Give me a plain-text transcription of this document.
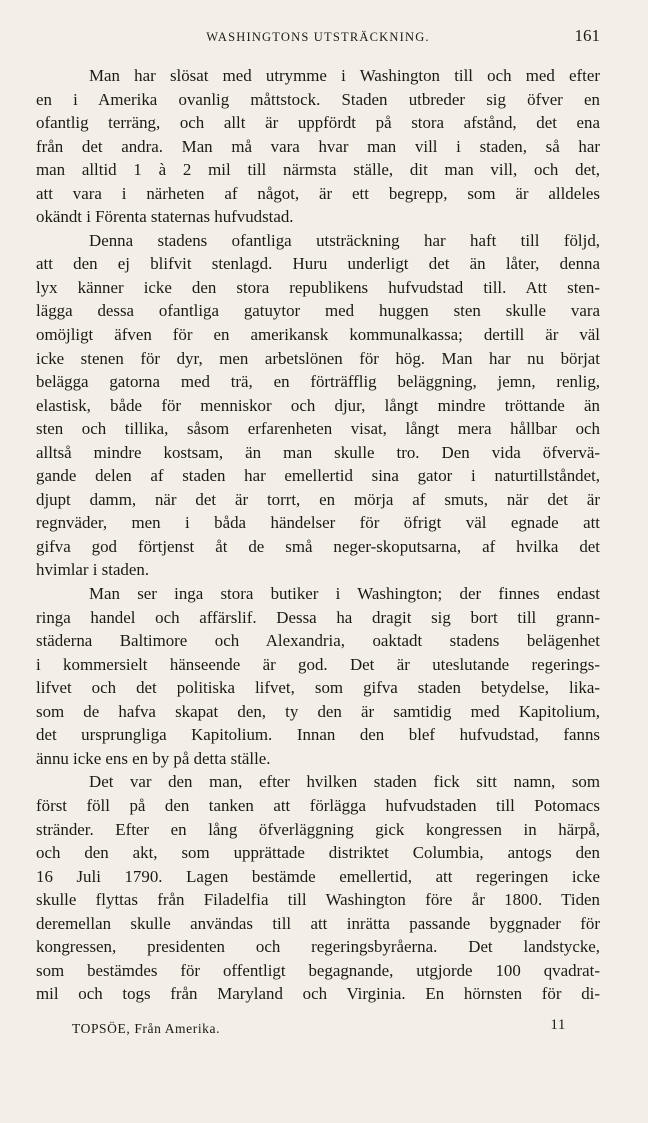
WASHINGTONS UTSTRÄCKNING.	161
Man har slösat med utrymme i Washington till och med efter
en i Amerika ovanlig måttstock. Staden utbreder sig öfver en
ofantlig terräng, och allt är uppfördt på stora afstånd, det ena
från det andra. Man må vara hvar man vill i staden, så har
man alltid 1 à 2 mil till närmsta ställe, dit man vill, och det,
att vara i närheten af något, är ett begrepp, som är alldeles
okändt i Förenta staternas hufvudstad.
Denna stadens ofantliga utsträckning har haft till följd,
att den ej blifvit stenlagd. Huru underligt det än låter, denna
lyx känner icke den stora republikens hufvudstad till. Att sten-
lägga dessa ofantliga gatuytor med huggen sten skulle vara
omöjligt äfven för en amerikansk kommunalkassa; dertill är väl
icke stenen för dyr, men arbetslönen för hög. Man har nu börjat
belägga gatorna med trä, en förträfflig beläggning, jemn, renlig,
elastisk, både för menniskor och djur, långt mindre tröttande än
sten och tillika, såsom erfarenheten visat, långt mera hållbar och
alltså mindre kostsam, än man skulle tro. Den vida öfvervä-
gande delen af staden har emellertid sina gator i naturtillståndet,
djupt damm, när det är torrt, en mörja af smuts, när det är
regnväder, men i båda händelser för öfrigt väl egnade att
gifva god förtjenst åt de små neger-skoputsarna, af hvilka det
hvimlar i staden.
Man ser inga stora butiker i Washington; der finnes endast
ringa handel och affärslif. Dessa ha dragit sig bort till grann-
städerna Baltimore och Alexandria, oaktadt stadens belägenhet
i kommersielt hänseende är god. Det är uteslutande regerings-
lifvet och det politiska lifvet, som gifva staden betydelse, lika-
som de hafva skapat den, ty den är samtidig med Kapitolium,
det ursprungliga Kapitolium. Innan den blef hufvudstad, fanns
ännu icke ens en by på detta ställe.
Det var den man, efter hvilken staden fick sitt namn, som
först föll på den tanken att förlägga hufvudstaden till Potomacs
stränder. Efter en lång öfverläggning gick kongressen in härpå,
och den akt, som upprättade distriktet Columbia, antogs den
16 Juli 1790. Lagen bestämde emellertid, att regeringen icke
skulle flyttas från Filadelfia till Washington före år 1800. Tiden
deremellan skulle användas till att inrätta passande byggnader för
kongressen, presidenten och regeringsbyråerna. Det landstycke,
som bestämdes för offentligt begagnande, utgjorde 100 qvadrat-
mil och togs från Maryland och Virginia. En hörnsten för di-
TOPSÖE, Från Amerika.	11
